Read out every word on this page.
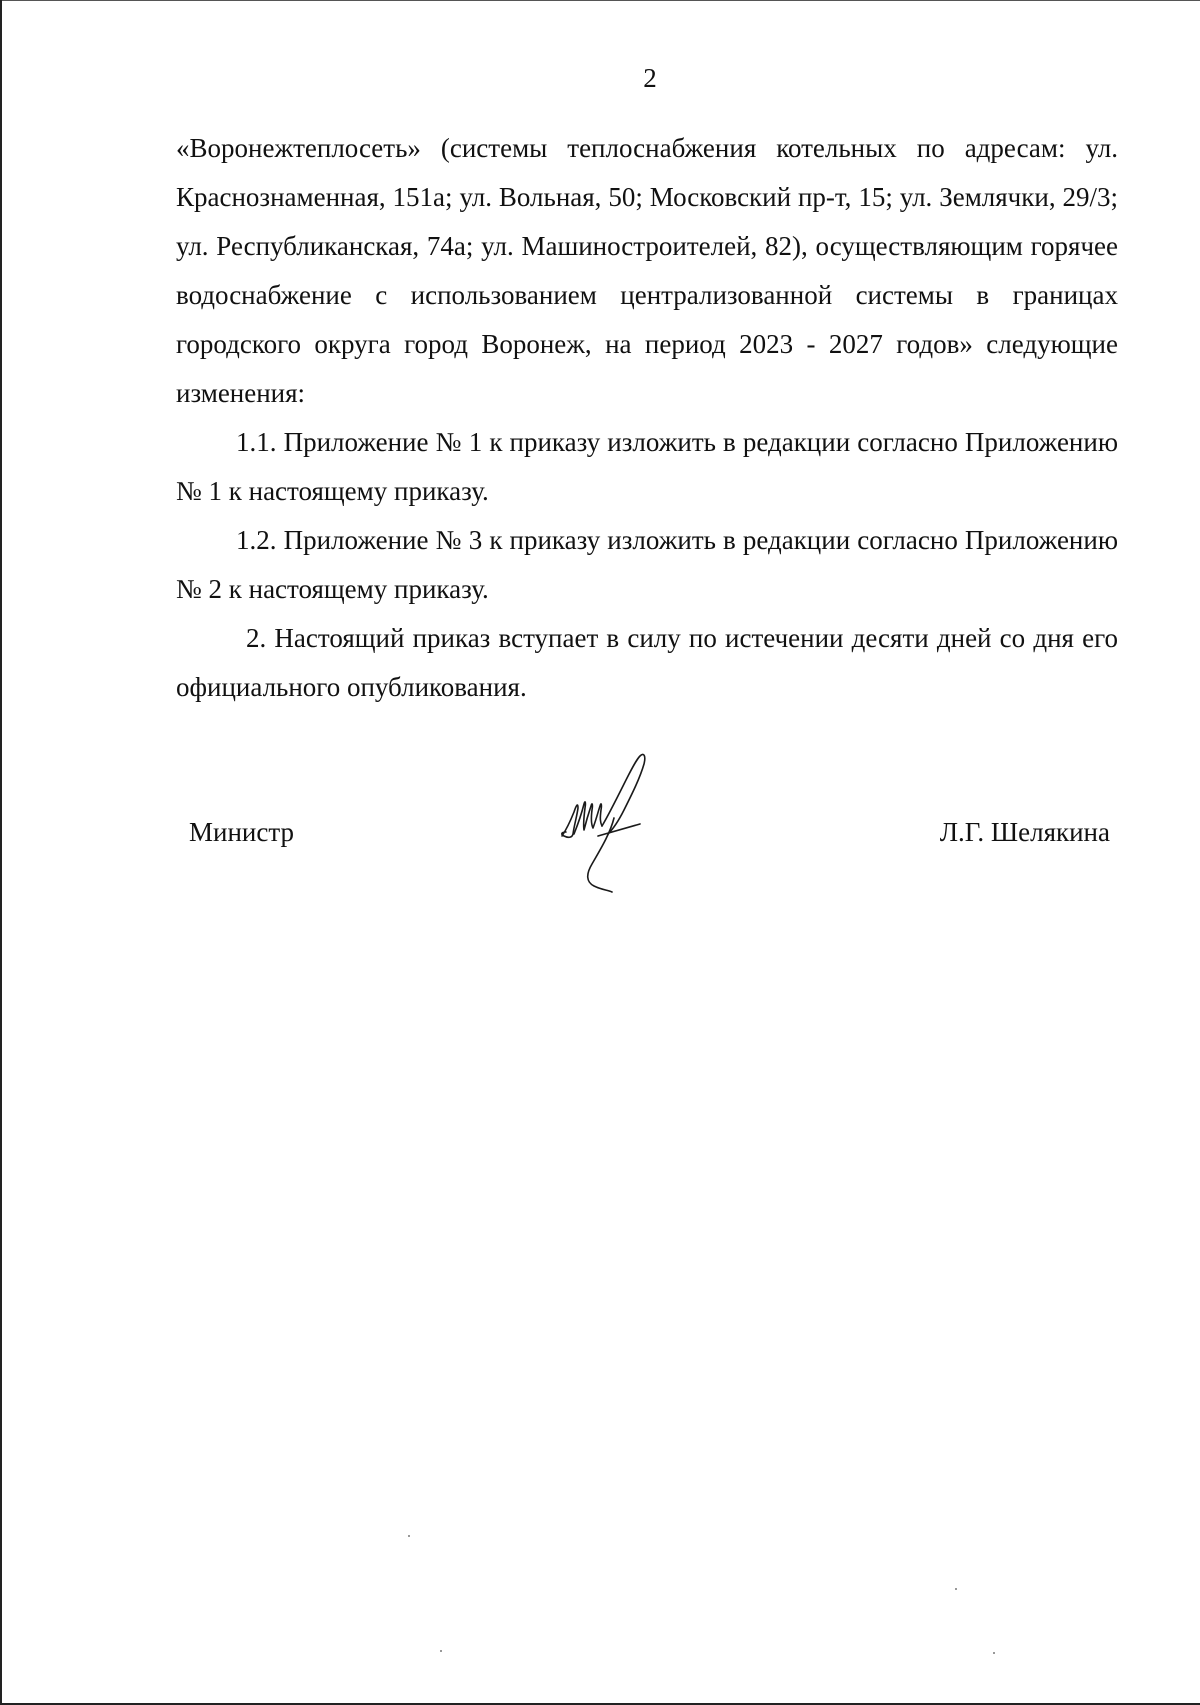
2

«Воронежтеплосеть» (системы теплоснабжения котельных по адресам: ул. Краснознаменная, 151а; ул. Вольная, 50; Московский пр-т, 15; ул. Землячки, 29/3; ул. Республиканская, 74а; ул. Машиностроителей, 82), осуществляющим горячее водоснабжение с использованием централизованной системы в границах городского округа город Воронеж, на период 2023 - 2027 годов» следующие изменения:

1.1. Приложение № 1 к приказу изложить в редакции согласно Приложению № 1 к настоящему приказу.

1.2. Приложение № 3 к приказу изложить в редакции согласно Приложению № 2 к настоящему приказу.

2. Настоящий приказ вступает в силу по истечении десяти дней со дня его официального опубликования.

Министр	Л.Г. Шелякина
